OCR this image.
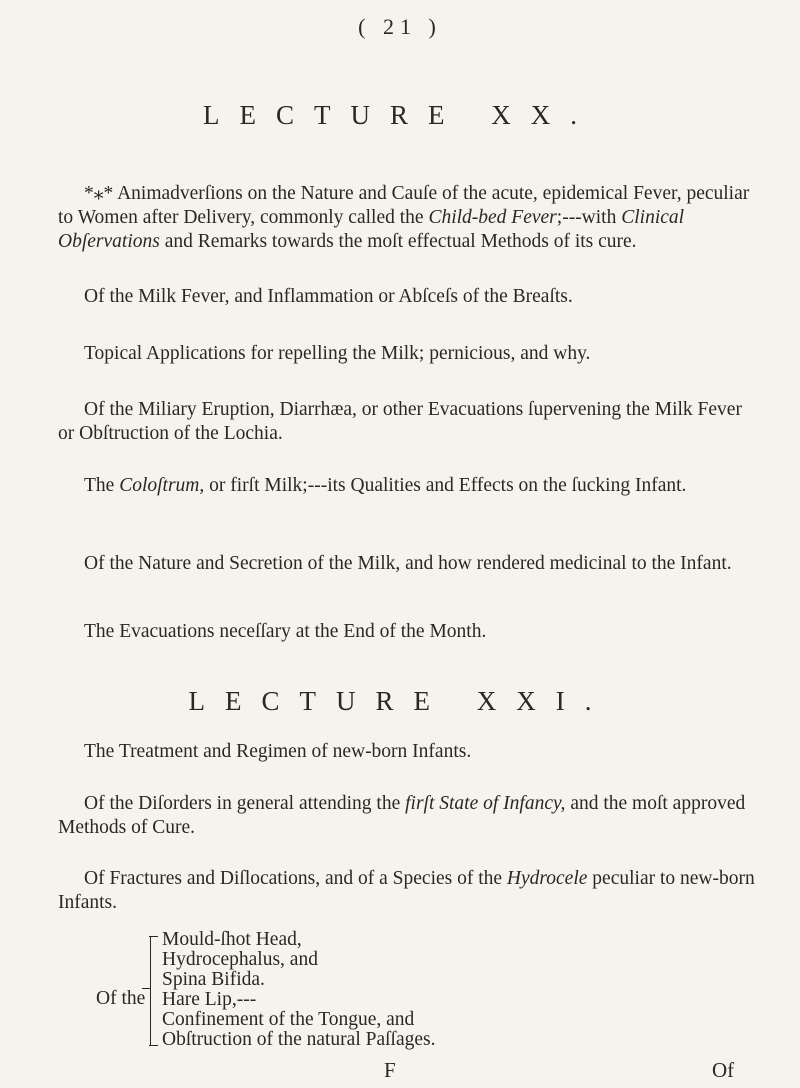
( 21 )
LECTURE XX.
*⁎* Animadverſions on the Nature and Cauſe of the acute, epidemical Fever, peculiar to Women after Delivery, commonly called the Child-bed Fever;---with Clinical Obſervations and Remarks towards the moſt effectual Methods of its cure.
Of the Milk Fever, and Inflammation or Abſceſs of the Breaſts.
Topical Applications for repelling the Milk; pernicious, and why.
Of the Miliary Eruption, Diarrhæa, or other Evacuations ſupervening the Milk Fever or Obſtruction of the Lochia.
The Coloſtrum, or firſt Milk;---its Qualities and Effects on the ſucking Infant.
Of the Nature and Secretion of the Milk, and how rendered medicinal to the Infant.
The Evacuations neceſſary at the End of the Month.
LECTURE XXI.
The Treatment and Regimen of new-born Infants.
Of the Diſorders in general attending the firſt State of Infancy, and the moſt approved Methods of Cure.
Of Fractures and Diſlocations, and of a Species of the Hydrocele peculiar to new-born Infants.
Of the
Mould-ſhot Head,
Hydrocephalus, and
Spina Bifida.
Hare Lip,---
Confinement of the Tongue, and
Obſtruction of the natural Paſſages.
F	Of
